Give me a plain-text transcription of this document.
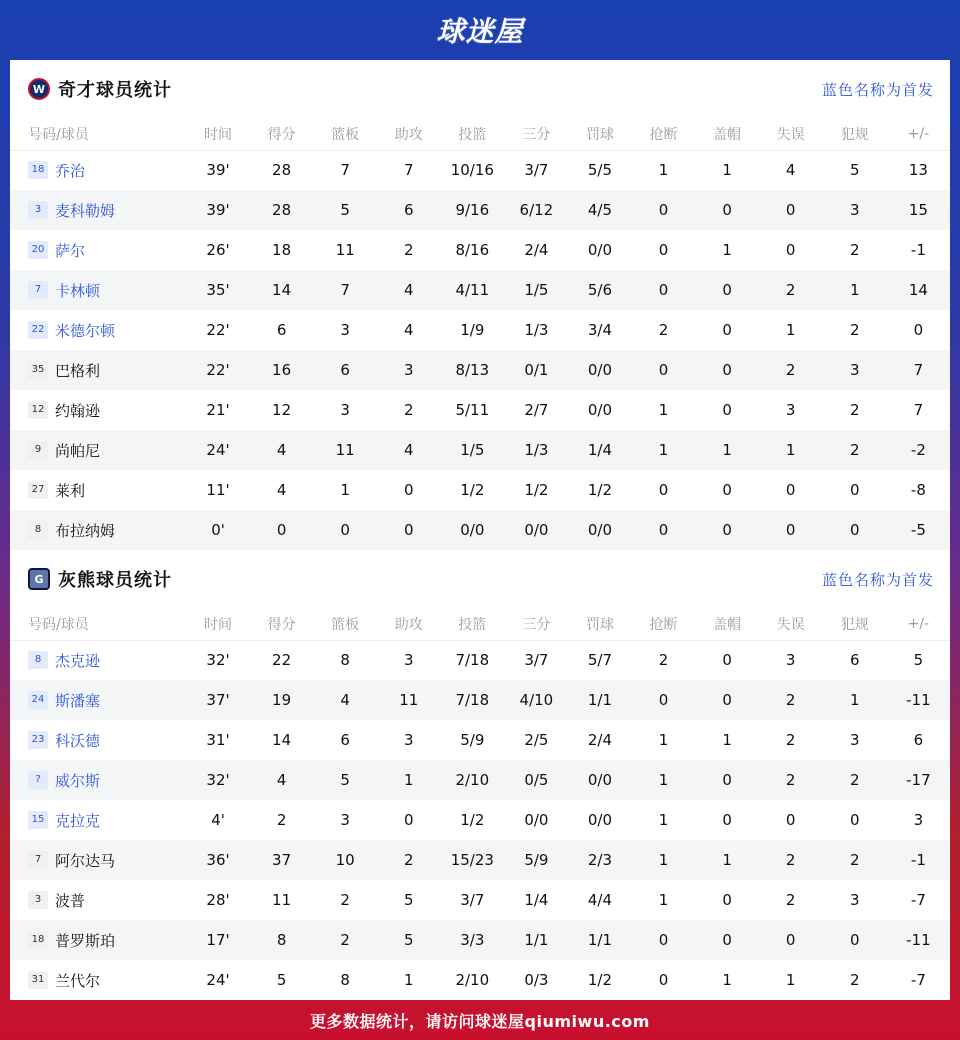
球迷屋
W 奇才球员统计	蓝色名称为首发
号码/球员	时间	得分	篮板	助攻	投篮	三分	罚球	抢断	盖帽	失误	犯规	+/-
18 乔治	39'	28	7	7	10/16	3/7	5/5	1	1	4	5	13
3 麦科勒姆	39'	28	5	6	9/16	6/12	4/5	0	0	0	3	15
20 萨尔	26'	18	11	2	8/16	2/4	0/0	0	1	0	2	-1
7 卡林顿	35'	14	7	4	4/11	1/5	5/6	0	0	2	1	14
22 米德尔顿	22'	6	3	4	1/9	1/3	3/4	2	0	1	2	0
35 巴格利	22'	16	6	3	8/13	0/1	0/0	0	0	2	3	7
12 约翰逊	21'	12	3	2	5/11	2/7	0/0	1	0	3	2	7
9 尚帕尼	24'	4	11	4	1/5	1/3	1/4	1	1	1	2	-2
27 莱利	11'	4	1	0	1/2	1/2	1/2	0	0	0	0	-8
8 布拉纳姆	0'	0	0	0	0/0	0/0	0/0	0	0	0	0	-5
G 灰熊球员统计	蓝色名称为首发
号码/球员	时间	得分	篮板	助攻	投篮	三分	罚球	抢断	盖帽	失误	犯规	+/-
8 杰克逊	32'	22	8	3	7/18	3/7	5/7	2	0	3	6	5
24 斯潘塞	37'	19	4	11	7/18	4/10	1/1	0	0	2	1	-11
23 科沃德	31'	14	6	3	5/9	2/5	2/4	1	1	2	3	6
? 威尔斯	32'	4	5	1	2/10	0/5	0/0	1	0	2	2	-17
15 克拉克	4'	2	3	0	1/2	0/0	0/0	1	0	0	0	3
7 阿尔达马	36'	37	10	2	15/23	5/9	2/3	1	1	2	2	-1
3 波普	28'	11	2	5	3/7	1/4	4/4	1	0	2	3	-7
18 普罗斯珀	17'	8	2	5	3/3	1/1	1/1	0	0	0	0	-11
31 兰代尔	24'	5	8	1	2/10	0/3	1/2	0	1	1	2	-7
更多数据统计，请访问球迷屋qiumiwu.com
